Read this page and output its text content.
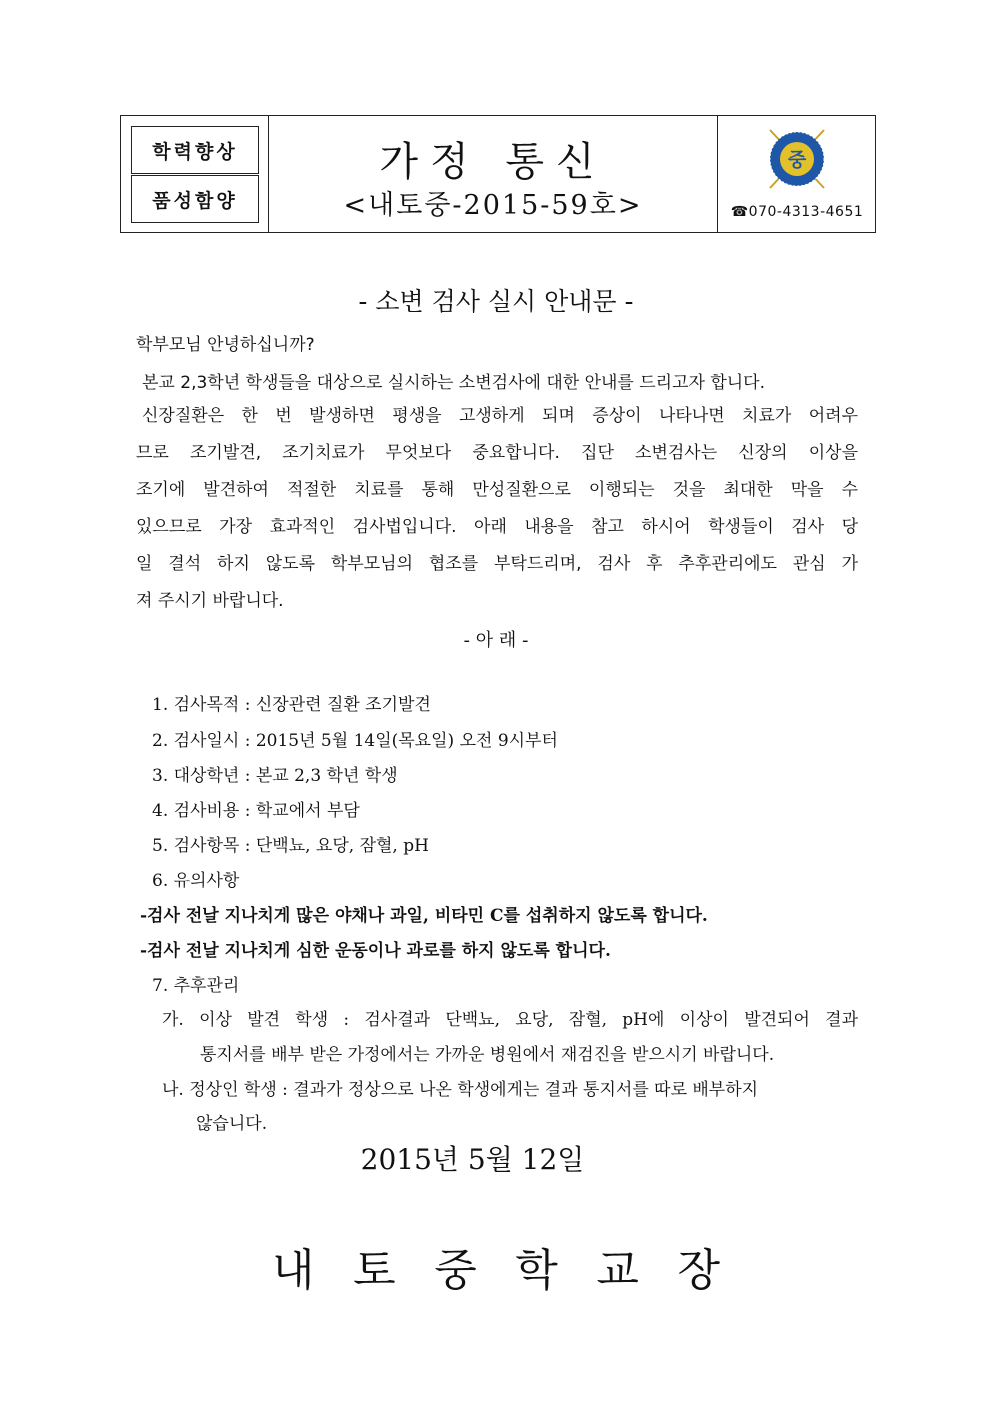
학력향상
품성함양
가정 통신
<내토중-2015-59호>
중
☎070-4313-4651
- 소변 검사 실시 안내문 -
학부모님 안녕하십니까?
본교 2,3학년 학생들을 대상으로 실시하는 소변검사에 대한 안내를 드리고자 합니다.
신장질환은 한 번 발생하면 평생을 고생하게 되며 증상이 나타나면 치료가 어려우
므로 조기발견, 조기치료가 무엇보다 중요합니다. 집단 소변검사는 신장의 이상을
조기에 발견하여 적절한 치료를 통해 만성질환으로 이행되는 것을 최대한 막을 수
있으므로 가장 효과적인 검사법입니다. 아래 내용을 참고 하시어 학생들이 검사 당
일 결석 하지 않도록 학부모님의 협조를 부탁드리며, 검사 후 추후관리에도 관심 가
져 주시기 바랍니다.
- 아 래 -
1. 검사목적 : 신장관련 질환 조기발견
2. 검사일시 : 2015년 5월 14일(목요일) 오전 9시부터
3. 대상학년 : 본교 2,3 학년 학생
4. 검사비용 : 학교에서 부담
5. 검사항목 : 단백뇨, 요당, 잠혈, pH
6. 유의사항
-검사 전날 지나치게 많은 야채나 과일, 비타민 C를 섭취하지 않도록 합니다.
-검사 전날 지나치게 심한 운동이나 과로를 하지 않도록 합니다.
7. 추후관리
가. 이상 발견 학생 : 검사결과 단백뇨, 요당, 잠혈, pH에 이상이 발견되어 결과
통지서를 배부 받은 가정에서는 가까운 병원에서 재검진을 받으시기 바랍니다.
나. 정상인 학생 : 결과가 정상으로 나온 학생에게는 결과 통지서를 따로 배부하지
않습니다.
2015년 5월 12일
내 토 중 학 교 장
